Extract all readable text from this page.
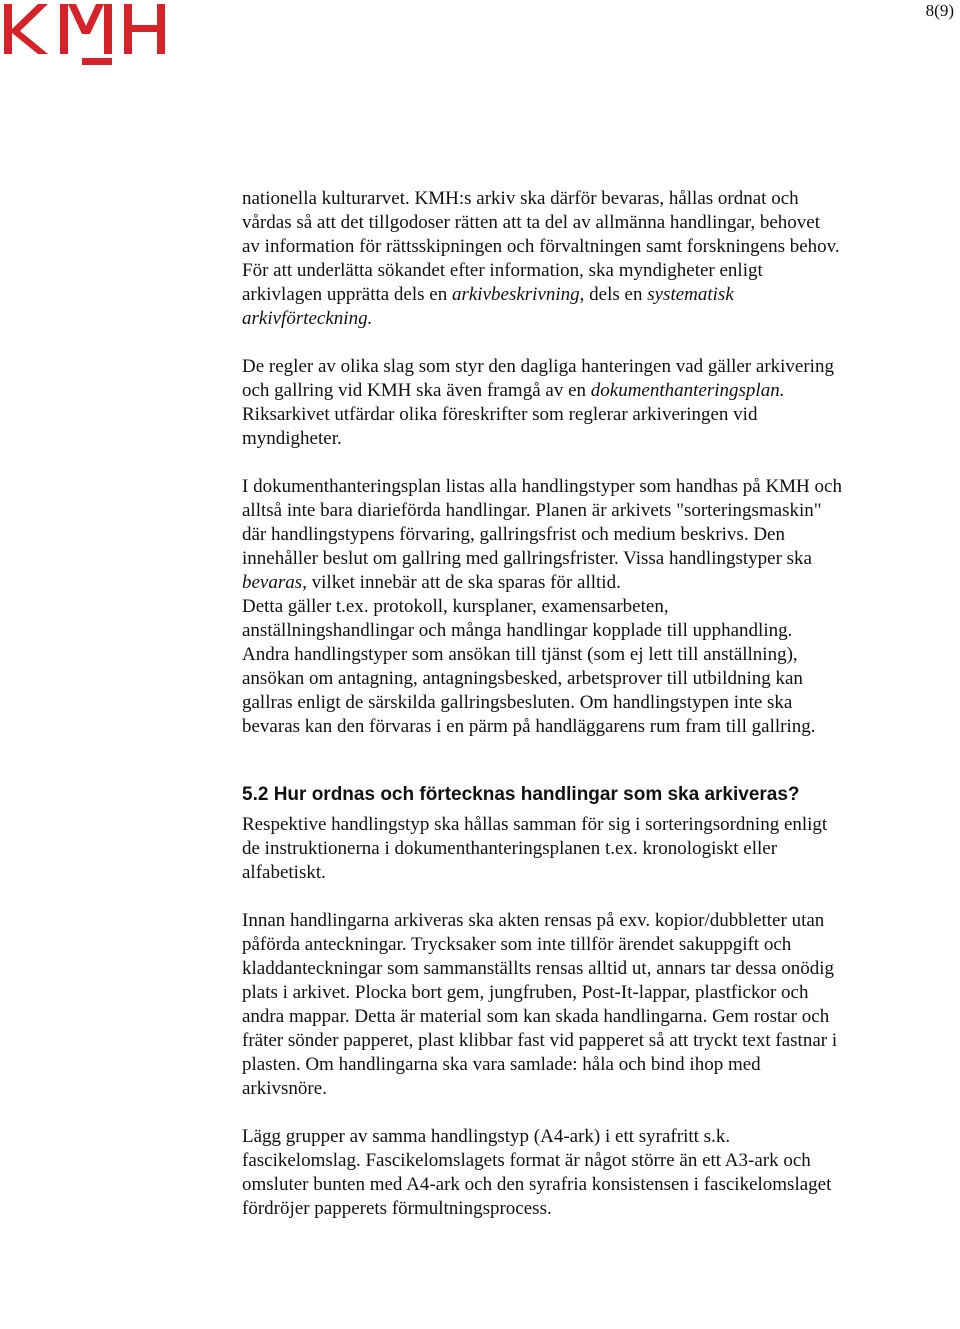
8(9)

nationella kulturarvet. KMH:s arkiv ska därför bevaras, hållas ordnat och vårdas så att det tillgodoser rätten att ta del av allmänna handlingar, behovet av information för rättsskipningen och förvaltningen samt forskningens behov.

För att underlätta sökandet efter information, ska myndigheter enligt arkivlagen upprätta dels en arkivbeskrivning, dels en systematisk arkivförteckning.

De regler av olika slag som styr den dagliga hanteringen vad gäller arkivering och gallring vid KMH ska även framgå av en dokumenthanteringsplan. Riksarkivet utfärdar olika föreskrifter som reglerar arkiveringen vid myndigheter.

I dokumenthanteringsplan listas alla handlingstyper som handhas på KMH och alltså inte bara diarieförda handlingar. Planen är arkivets "sorteringsmaskin" där handlingstypens förvaring, gallringsfrist och medium beskrivs. Den innehåller beslut om gallring med gallringsfrister. Vissa handlingstyper ska bevaras, vilket innebär att de ska sparas för alltid.

Detta gäller t.ex. protokoll, kursplaner, examensarbeten, anställningshandlingar och många handlingar kopplade till upphandling. Andra handlingstyper som ansökan till tjänst (som ej lett till anställning), ansökan om antagning, antagningsbesked, arbetsprover till utbildning kan gallras enligt de särskilda gallringsbesluten. Om handlingstypen inte ska bevaras kan den förvaras i en pärm på handläggarens rum fram till gallring.

5.2 Hur ordnas och förtecknas handlingar som ska arkiveras?

Respektive handlingstyp ska hållas samman för sig i sorteringsordning enligt de instruktionerna i dokumenthanteringsplanen t.ex. kronologiskt eller alfabetiskt.

Innan handlingarna arkiveras ska akten rensas på exv. kopior/dubbletter utan påförda anteckningar. Trycksaker som inte tillför ärendet sakuppgift och kladdanteckningar som sammanställts rensas alltid ut, annars tar dessa onödig plats i arkivet. Plocka bort gem, jungfruben, Post-It-lappar, plastfickor och andra mappar. Detta är material som kan skada handlingarna. Gem rostar och fräter sönder papperet, plast klibbar fast vid papperet så att tryckt text fastnar i plasten. Om handlingarna ska vara samlade: håla och bind ihop med arkivsnöre.

Lägg grupper av samma handlingstyp (A4-ark) i ett syrafritt s.k. fascikelomslag. Fascikelomslagets format är något större än ett A3-ark och omsluter bunten med A4-ark och den syrafria konsistensen i fascikelomslaget fördröjer papperets förmultningsprocess.
